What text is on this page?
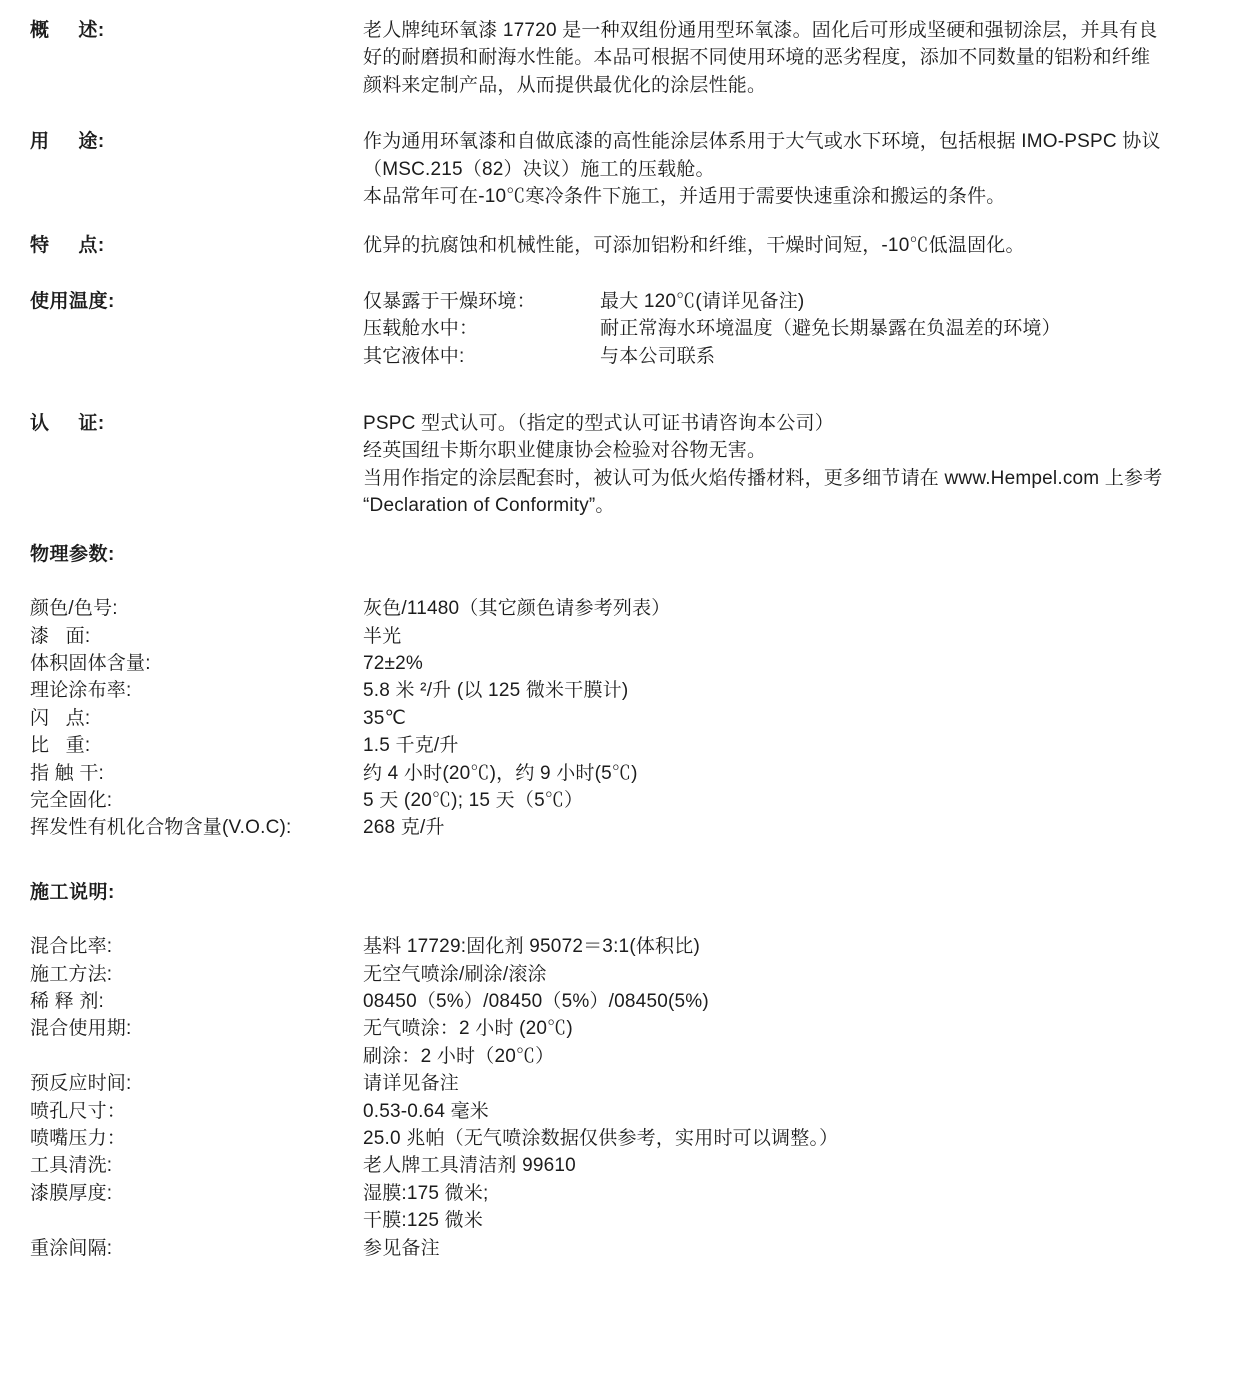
概     述:	老人牌纯环氧漆 17720 是一种双组份通用型环氧漆。固化后可形成坚硬和强韧涂层，并具有良
好的耐磨损和耐海水性能。本品可根据不同使用环境的恶劣程度，添加不同数量的铝粉和纤维
颜料来定制产品，从而提供最优化的涂层性能。
用     途:	作为通用环氧漆和自做底漆的高性能涂层体系用于大气或水下环境，包括根据 IMO-PSPC 协议
（MSC.215（82）决议）施工的压载舱。
本品常年可在-10℃寒冷条件下施工，并适用于需要快速重涂和搬运的条件。
特     点:	优异的抗腐蚀和机械性能，可添加铝粉和纤维，干燥时间短，-10℃低温固化。
使用温度:	仅暴露于干燥环境：	最大 120℃(请详见备注)
压载舱水中：	耐正常海水环境温度（避免长期暴露在负温差的环境）
其它液体中:	与本公司联系
认     证:	PSPC 型式认可。（指定的型式认可证书请咨询本公司）
经英国纽卡斯尔职业健康协会检验对谷物无害。
当用作指定的涂层配套时，被认可为低火焰传播材料，更多细节请在 www.Hempel.com 上参考
“Declaration of Conformity”。
物理参数:
颜色/色号:	灰色/11480（其它颜色请参考列表）
漆   面:	半光
体积固体含量:	72±2%
理论涂布率:	5.8 米 ²/升 (以 125 微米干膜计)
闪   点:	35℃
比   重:	1.5 千克/升
指 触 干:	约 4 小时(20℃)，约 9 小时(5℃)
完全固化:	5 天 (20℃); 15 天（5℃）
挥发性有机化合物含量(V.O.C):	268 克/升
施工说明:
混合比率:	基料 17729:固化剂 95072＝3:1(体积比)
施工方法:	无空气喷涂/刷涂/滚涂
稀 释 剂:	08450（5%）/08450（5%）/08450(5%)
混合使用期:	无气喷涂：2 小时 (20℃)
刷涂：2 小时（20℃）
预反应时间:	请详见备注
喷孔尺寸：	0.53-0.64 毫米
喷嘴压力：	25.0 兆帕（无气喷涂数据仅供参考，实用时可以调整。）
工具清洗:	老人牌工具清洁剂 99610
漆膜厚度:	湿膜:175 微米;
干膜:125 微米
重涂间隔:	参见备注
